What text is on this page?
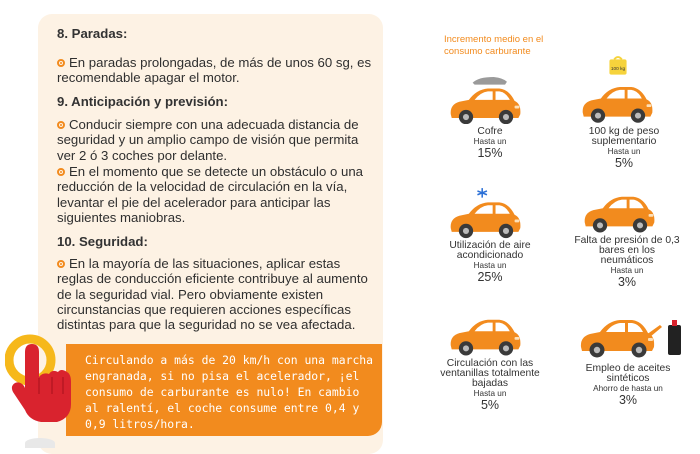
8. Paradas:
En paradas prolongadas, de más de unos 60 sg, es recomendable apagar el motor.
9. Anticipación y previsión:
Conducir siempre con una adecuada distancia de seguridad y un amplio campo de visión que permita ver 2 ó 3 coches por delante.
En el momento que se detecte un obstáculo o una reducción de la velocidad de circulación en la vía, levantar el pie del acelerador para anticipar las siguientes maniobras.
10. Seguridad:
En la mayoría de las situaciones, aplicar estas reglas de conducción eficiente contribuye al aumento de la seguridad vial. Pero obviamente existen circunstancias que requieren acciones específicas distintas para que la seguridad no se vea afectada.
Circulando a más de 20 km/h con una marcha engranada, si no pisa el acelerador, ¡el consumo de carburante es nulo! En cambio al ralentí, el coche consume entre 0,4 y 0,9 litros/hora.
Incremento medio en el consumo carburante
Cofre
Hasta un
15%
100 kg
100 kg de peso suplementario
Hasta un
5%
Utilización de aire acondicionado
Hasta un
25%
Falta de presión de 0,3 bares en los neumáticos
Hasta un
3%
Circulación con las ventanillas totalmente bajadas
Hasta un
5%
Empleo de aceites sintéticos
Ahorro de hasta un
3%
